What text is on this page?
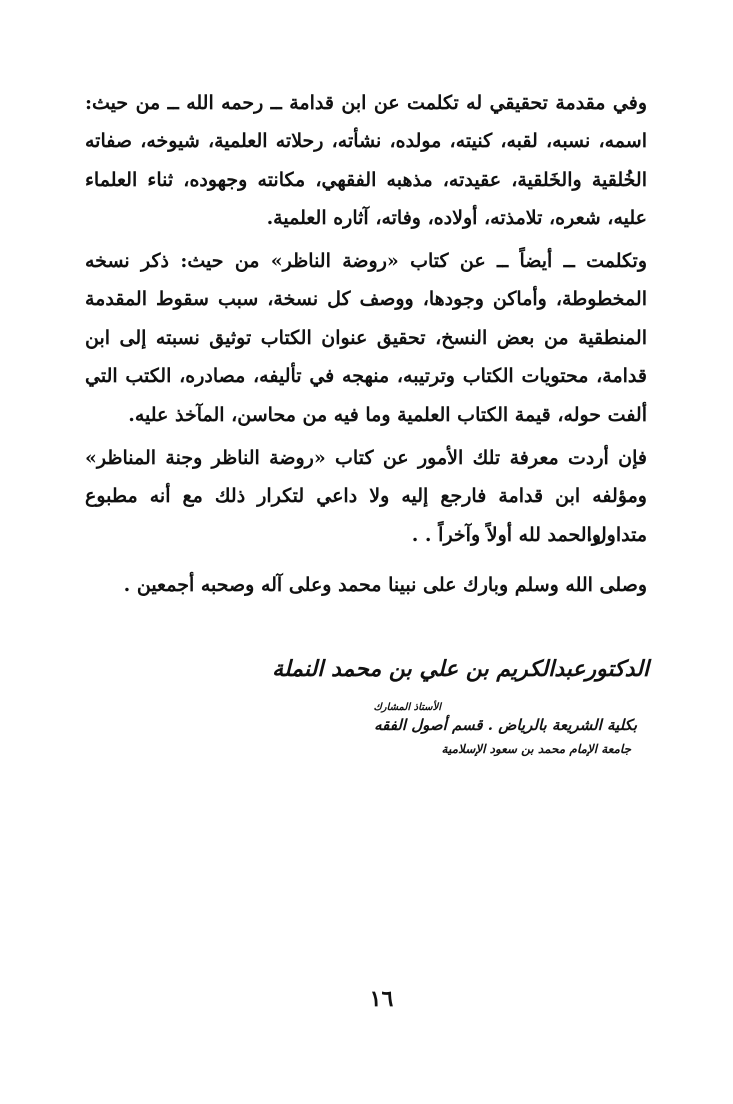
وفي مقدمة تحقيقي له تكلمت عن ابن قدامة ــ رحمه الله ــ من حيث: اسمه، نسبه، لقبه، كنيته، مولده، نشأته، رحلاته العلمية، شيوخه، صفاته الخُلقية والخَلقية، عقيدته، مذهبه الفقهي، مكانته وجهوده، ثناء العلماء عليه، شعره، تلامذته، أولاده، وفاته، آثاره العلمية.

وتكلمت ــ أيضاً ــ عن كتاب «روضة الناظر» من حيث: ذكر نسخه المخطوطة، وأماكن وجودها، ووصف كل نسخة، سبب سقوط المقدمة المنطقية من بعض النسخ، تحقيق عنوان الكتاب توثيق نسبته إلى ابن قدامة، محتويات الكتاب وترتيبه، منهجه في تأليفه، مصادره، الكتب التي ألفت حوله، قيمة الكتاب العلمية وما فيه من محاسن، المآخذ عليه.

فإن أردت معرفة تلك الأمور عن كتاب «روضة الناظر وجنة المناظر» ومؤلفه ابن قدامة فارجع إليه ولا داعي لتكرار ذلك مع أنه مطبوع متداول.

والحمد لله أولاً وآخراً . .

وصلى الله وسلم وبارك على نبينا محمد وعلى آله وصحبه أجمعين .

الدكتورعبدالكريم بن علي بن محمد النملة
الأستاذ المشارك
بكلية الشريعة بالرياض . قسم أصول الفقه
جامعة الإمام محمد بن سعود الإسلامية
١٦
